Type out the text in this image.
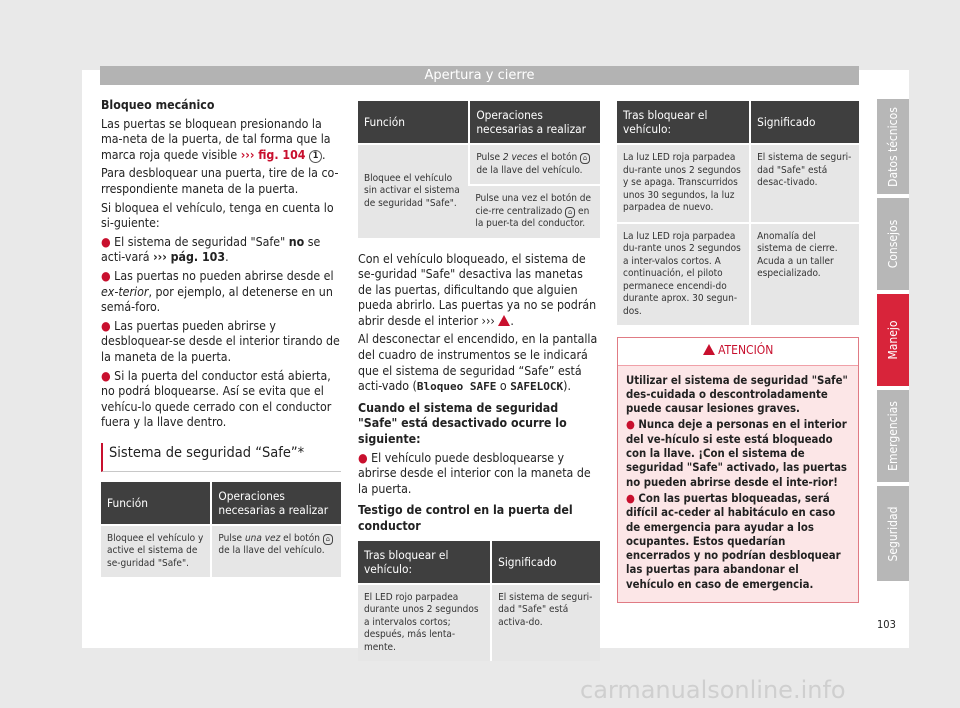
Apertura y cierre

Bloqueo mecánico

Las puertas se bloquean presionando la ma-neta de la puerta, de tal forma que la marca roja quede visible ››› fig. 104 1 .

Para desbloquear una puerta, tire de la co-rrespondiente maneta de la puerta.

Si bloquea el vehículo, tenga en cuenta lo si-guiente:

● El sistema de seguridad "Safe" no se acti-vará ››› pág. 103.

● Las puertas no pueden abrirse desde el ex-terior, por ejemplo, al detenerse en un semá-foro.

● Las puertas pueden abrirse y desbloquear-se desde el interior tirando de la maneta de la puerta.

● Si la puerta del conductor está abierta, no podrá bloquearse. Así se evita que el vehícu-lo quede cerrado con el conductor fuera y la llave dentro.

Sistema de seguridad “Safe”*
Función	Operaciones necesarias a realizar
Bloquee el vehículo y active el sistema de se-guridad "Safe".	Pulse una vez el botón ⌂ de la llave del vehículo.
Función	Operaciones necesarias a realizar
Bloquee el vehículo sin activar el sistema de seguridad "Safe".	Pulse 2 veces el botón ⌂ de la llave del vehículo.
	Pulse una vez el botón de cie-rre centralizado ⌂ en la puer-ta del conductor.

Con el vehículo bloqueado, el sistema de se-guridad "Safe" desactiva las manetas de las puertas, dificultando que alguien pueda abrirlo. Las puertas ya no se podrán abrir desde el interior ››› .

Al desconectar el encendido, en la pantalla del cuadro de instrumentos se le indicará que el sistema de seguridad “Safe” está acti-vado (Bloqueo SAFE o SAFELOCK).

Cuando el sistema de seguridad "Safe" está desactivado ocurre lo siguiente:

● El vehículo puede desbloquearse y abrirse desde el interior con la maneta de la puerta.

Testigo de control en la puerta del conductor

Tras bloquear el vehículo:	Significado
El LED rojo parpadea durante unos 2 segundos a intervalos cortos; después, más lenta-mente.	El sistema de seguri-dad "Safe" está activa-do.
Tras bloquear el vehículo:	Significado
La luz LED roja parpadea du-rante unos 2 segundos y se apaga. Transcurridos unos 30 segundos, la luz parpadea de nuevo.	El sistema de seguri-dad "Safe" está desac-tivado.
La luz LED roja parpadea du-rante unos 2 segundos a inter-valos cortos. A continuación, el piloto permanece encendi-do durante aprox. 30 segun-dos.	Anomalía del sistema de cierre. Acuda a un taller especializado.
ATENCIÓN

Utilizar el sistema de seguridad "Safe" des-cuidada o descontroladamente puede causar lesiones graves.

● Nunca deje a personas en el interior del ve-hículo si este está bloqueado con la llave. ¡Con el sistema de seguridad "Safe" activado, las puertas no pueden abrirse desde el inte-rior!

● Con las puertas bloqueadas, será difícil ac-ceder al habitáculo en caso de emergencia para ayudar a los ocupantes. Estos quedarían encerrados y no podrían desbloquear las puertas para abandonar el vehículo en caso de emergencia.

Datos técnicos
Consejos
Manejo
Emergencias
Seguridad
103
carmanualsonline.info
